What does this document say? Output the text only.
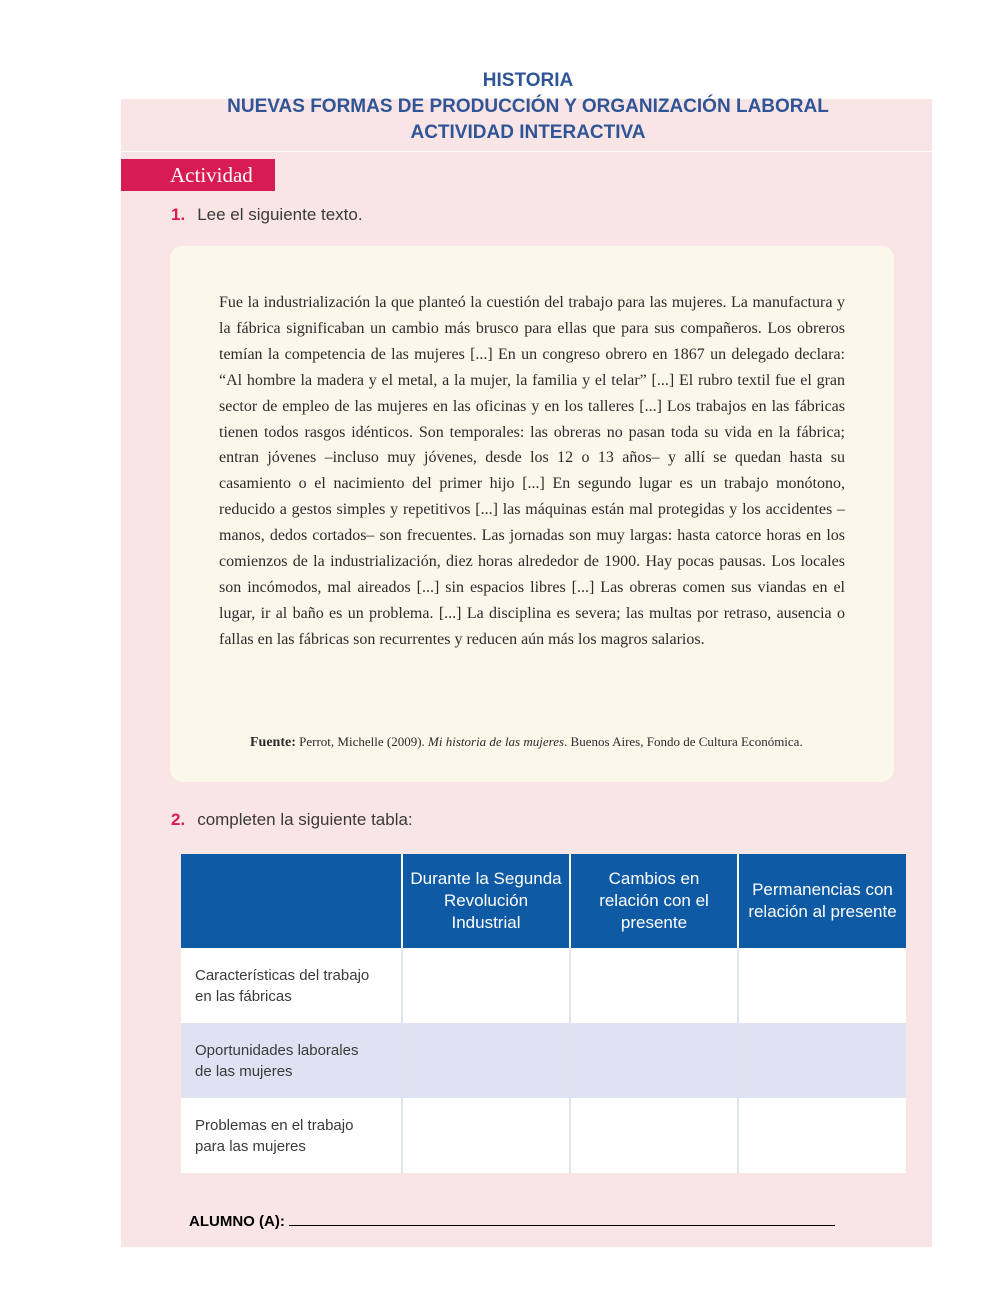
HISTORIA
NUEVAS FORMAS DE PRODUCCIÓN Y ORGANIZACIÓN LABORAL
ACTIVIDAD INTERACTIVA
Actividad
1. Lee el siguiente texto.
Fue la industrialización la que planteó la cuestión del trabajo para las mujeres. La manufactura y la fábrica significaban un cambio más brusco para ellas que para sus compañeros. Los obreros temían la competencia de las mujeres [...] En un congreso obrero en 1867 un delegado declara: “Al hombre la madera y el metal, a la mujer, la familia y el telar” [...] El rubro textil fue el gran sector de empleo de las mujeres en las oficinas y en los talleres [...] Los trabajos en las fábricas tienen todos rasgos idénticos. Son temporales: las obreras no pasan toda su vida en la fábrica; entran jóvenes –incluso muy jóvenes, desde los 12 o 13 años– y allí se quedan hasta su casamiento o el nacimiento del primer hijo [...] En segundo lugar es un trabajo monótono, reducido a gestos simples y repetitivos [...] las máquinas están mal protegidas y los accidentes –manos, dedos cortados– son frecuentes. Las jornadas son muy largas: hasta catorce horas en los comienzos de la industrialización, diez horas alrededor de 1900. Hay pocas pausas. Los locales son incómodos, mal aireados [...] sin espacios libres [...] Las obreras comen sus viandas en el lugar, ir al baño es un problema. [...] La disciplina es severa; las multas por retraso, ausencia o fallas en las fábricas son recurrentes y reducen aún más los magros salarios.
Fuente: Perrot, Michelle (2009). Mi historia de las mujeres. Buenos Aires, Fondo de Cultura Económica.
2. completen la siguiente tabla:
	Durante la Segunda Revolución Industrial	Cambios en relación con el presente	Permanencias con relación al presente

Características del trabajo en las fábricas			

Oportunidades laborales de las mujeres			

Problemas en el trabajo para las mujeres			

ALUMNO (A):
